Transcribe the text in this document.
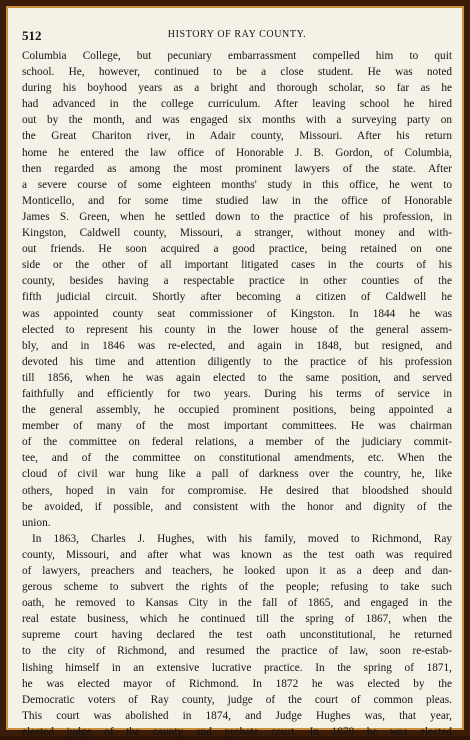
512	HISTORY OF RAY COUNTY.
Columbia College, but pecuniary embarrassment compelled him to quit
school. He, however, continued to be a close student. He was noted
during his boyhood years as a bright and thorough scholar, so far as he
had advanced in the college curriculum. After leaving school he hired
out by the month, and was engaged six months with a surveying party on
the Great Chariton river, in Adair county, Missouri. After his return
home he entered the law office of Honorable J. B. Gordon, of Columbia,
then regarded as among the most prominent lawyers of the state. After
a severe course of some eighteen months' study in this office, he went to
Monticello, and for some time studied law in the office of Honorable
James S. Green, when he settled down to the practice of his profession, in
Kingston, Caldwell county, Missouri, a stranger, without money and with-
out friends. He soon acquired a good practice, being retained on one
side or the other of all important litigated cases in the courts of his
county, besides having a respectable practice in other counties of the
fifth judicial circuit. Shortly after becoming a citizen of Caldwell he
was appointed county seat commissioner of Kingston. In 1844 he was
elected to represent his county in the lower house of the general assem-
bly, and in 1846 was re-elected, and again in 1848, but resigned, and
devoted his time and attention diligently to the practice of his profession
till 1856, when he was again elected to the same position, and served
faithfully and efficiently for two years. During his terms of service in
the general assembly, he occupied prominent positions, being appointed a
member of many of the most important committees. He was chairman
of the committee on federal relations, a member of the judiciary commit-
tee, and of the committee on constitutional amendments, etc. When the
cloud of civil war hung like a pall of darkness over the country, he, like
others, hoped in vain for compromise. He desired that bloodshed should
be avoided, if possible, and consistent with the honor and dignity of the
union.
In 1863, Charles J. Hughes, with his family, moved to Richmond, Ray
county, Missouri, and after what was known as the test oath was required
of lawyers, preachers and teachers, he looked upon it as a deep and dan-
gerous scheme to subvert the rights of the people; refusing to take such
oath, he removed to Kansas City in the fall of 1865, and engaged in the
real estate business, which he continued till the spring of 1867, when the
supreme court having declared the test oath unconstitutional, he returned
to the city of Richmond, and resumed the practice of law, soon re-estab-
lishing himself in an extensive lucrative practice. In the spring of 1871,
he was elected mayor of Richmond. In 1872 he was elected by the
Democratic voters of Ray county, judge of the court of common pleas.
This court was abolished in 1874, and Judge Hughes was, that year,
elected judge of the county and probate court. In 1878 he was elected
